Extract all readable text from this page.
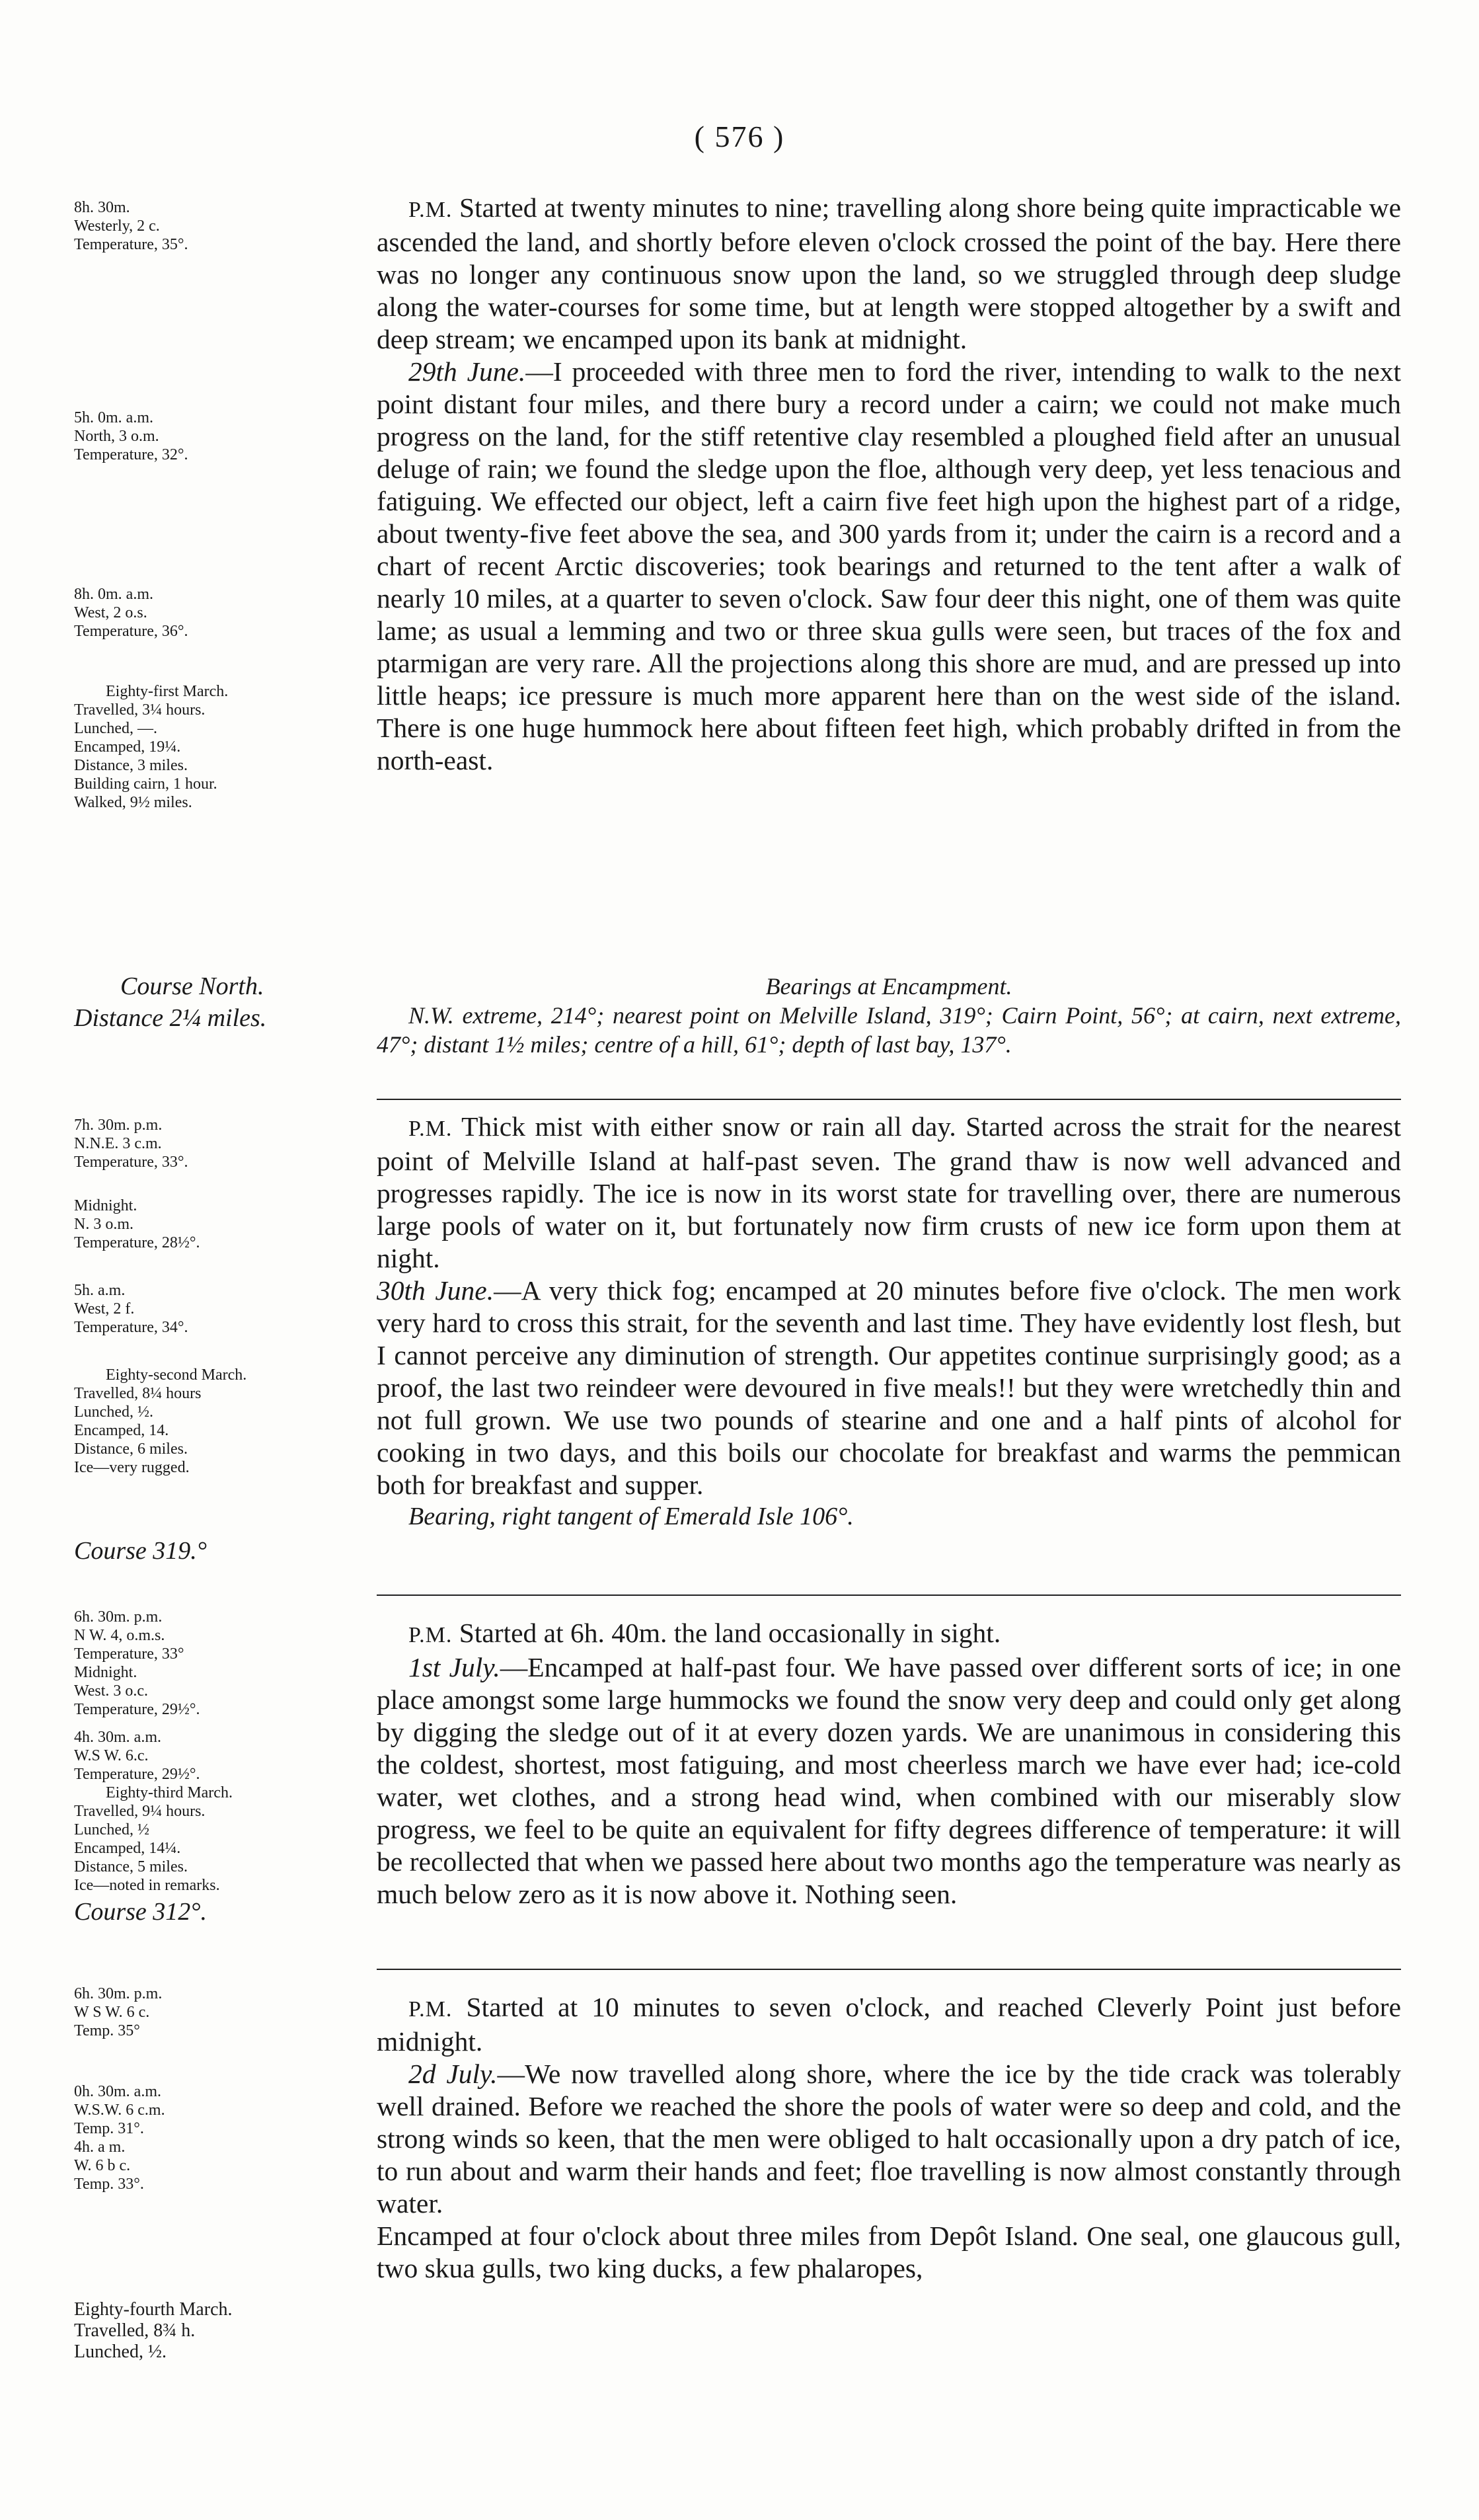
( 576 )
8h. 30m.
Westerly, 2 c.
Temperature, 35°.
5h. 0m. a.m.
North, 3 o.m.
Temperature, 32°.
8h. 0m. a.m.
West, 2 o.s.
Temperature, 36°.
Eighty-first March.
Travelled, 3¼ hours.
Lunched, —.
Encamped, 19¼.
Distance, 3 miles.
Building cairn, 1 hour.
Walked, 9½ miles.

P.M. Started at twenty minutes to nine; travelling along shore being quite impracticable we ascended the land, and shortly before eleven o'clock crossed the point of the bay. Here there was no longer any continuous snow upon the land, so we struggled through deep sludge along the water-courses for some time, but at length were stopped altogether by a swift and deep stream; we encamped upon its bank at midnight.

29th June.—I proceeded with three men to ford the river, intending to walk to the next point distant four miles, and there bury a record under a cairn; we could not make much progress on the land, for the stiff retentive clay resembled a ploughed field after an unusual deluge of rain; we found the sledge upon the floe, although very deep, yet less tenacious and fatiguing. We effected our object, left a cairn five feet high upon the highest part of a ridge, about twenty-five feet above the sea, and 300 yards from it; under the cairn is a record and a chart of recent Arctic discoveries; took bearings and returned to the tent after a walk of nearly 10 miles, at a quarter to seven o'clock. Saw four deer this night, one of them was quite lame; as usual a lemming and two or three skua gulls were seen, but traces of the fox and ptarmigan are very rare. All the projections along this shore are mud, and are pressed up into little heaps; ice pressure is much more apparent here than on the west side of the island. There is one huge hummock here about fifteen feet high, which probably drifted in from the north-east.

Course North.
Distance 2¼ miles.

Bearings at Encampment.

N.W. extreme, 214°; nearest point on Melville Island, 319°; Cairn Point, 56°; at cairn, next extreme, 47°; distant 1½ miles; centre of a hill, 61°; depth of last bay, 137°.

7h. 30m. p.m.
N.N.E. 3 c.m.
Temperature, 33°.
Midnight.
N. 3 o.m.
Temperature, 28½°.
5h. a.m.
West, 2 f.
Temperature, 34°.
Eighty-second March.
Travelled, 8¼ hours
Lunched, ½.
Encamped, 14.
Distance, 6 miles.
Ice—very rugged.
Course 319.°

P.M. Thick mist with either snow or rain all day. Started across the strait for the nearest point of Melville Island at half-past seven. The grand thaw is now well advanced and progresses rapidly. The ice is now in its worst state for travelling over, there are numerous large pools of water on it, but fortunately now firm crusts of new ice form upon them at night.

30th June.—A very thick fog; encamped at 20 minutes before five o'clock. The men work very hard to cross this strait, for the seventh and last time. They have evidently lost flesh, but I cannot perceive any diminution of strength. Our appetites continue surprisingly good; as a proof, the last two reindeer were devoured in five meals!! but they were wretchedly thin and not full grown. We use two pounds of stearine and one and a half pints of alcohol for cooking in two days, and this boils our chocolate for breakfast and warms the pemmican both for breakfast and supper.

Bearing, right tangent of Emerald Isle 106°.

6h. 30m. p.m.
N W. 4, o.m.s.
Temperature, 33°
Midnight.
West. 3 o.c.
Temperature, 29½°.
4h. 30m. a.m.
W.S W. 6.c.
Temperature, 29½°.
Eighty-third March.
Travelled, 9¼ hours.
Lunched, ½
Encamped, 14¼.
Distance, 5 miles.
Ice—noted in remarks.
Course 312°.

P.M. Started at 6h. 40m. the land occasionally in sight.

1st July.—Encamped at half-past four. We have passed over different sorts of ice; in one place amongst some large hummocks we found the snow very deep and could only get along by digging the sledge out of it at every dozen yards. We are unanimous in considering this the coldest, shortest, most fatiguing, and most cheerless march we have ever had; ice-cold water, wet clothes, and a strong head wind, when combined with our miserably slow progress, we feel to be quite an equivalent for fifty degrees difference of temperature: it will be recollected that when we passed here about two months ago the temperature was nearly as much below zero as it is now above it. Nothing seen.

6h. 30m. p.m.
W S W. 6 c.
Temp. 35°
0h. 30m. a.m.
W.S.W. 6 c.m.
Temp. 31°.
4h. a m.
W. 6 b c.
Temp. 33°.
Eighty-fourth March.
Travelled, 8¾ h.
Lunched, ½.

P.M. Started at 10 minutes to seven o'clock, and reached Cleverly Point just before midnight.

2d July.—We now travelled along shore, where the ice by the tide crack was tolerably well drained. Before we reached the shore the pools of water were so deep and cold, and the strong winds so keen, that the men were obliged to halt occasionally upon a dry patch of ice, to run about and warm their hands and feet; floe travelling is now almost constantly through water.

Encamped at four o'clock about three miles from Depôt Island. One seal, one glaucous gull, two skua gulls, two king ducks, a few phalaropes,
